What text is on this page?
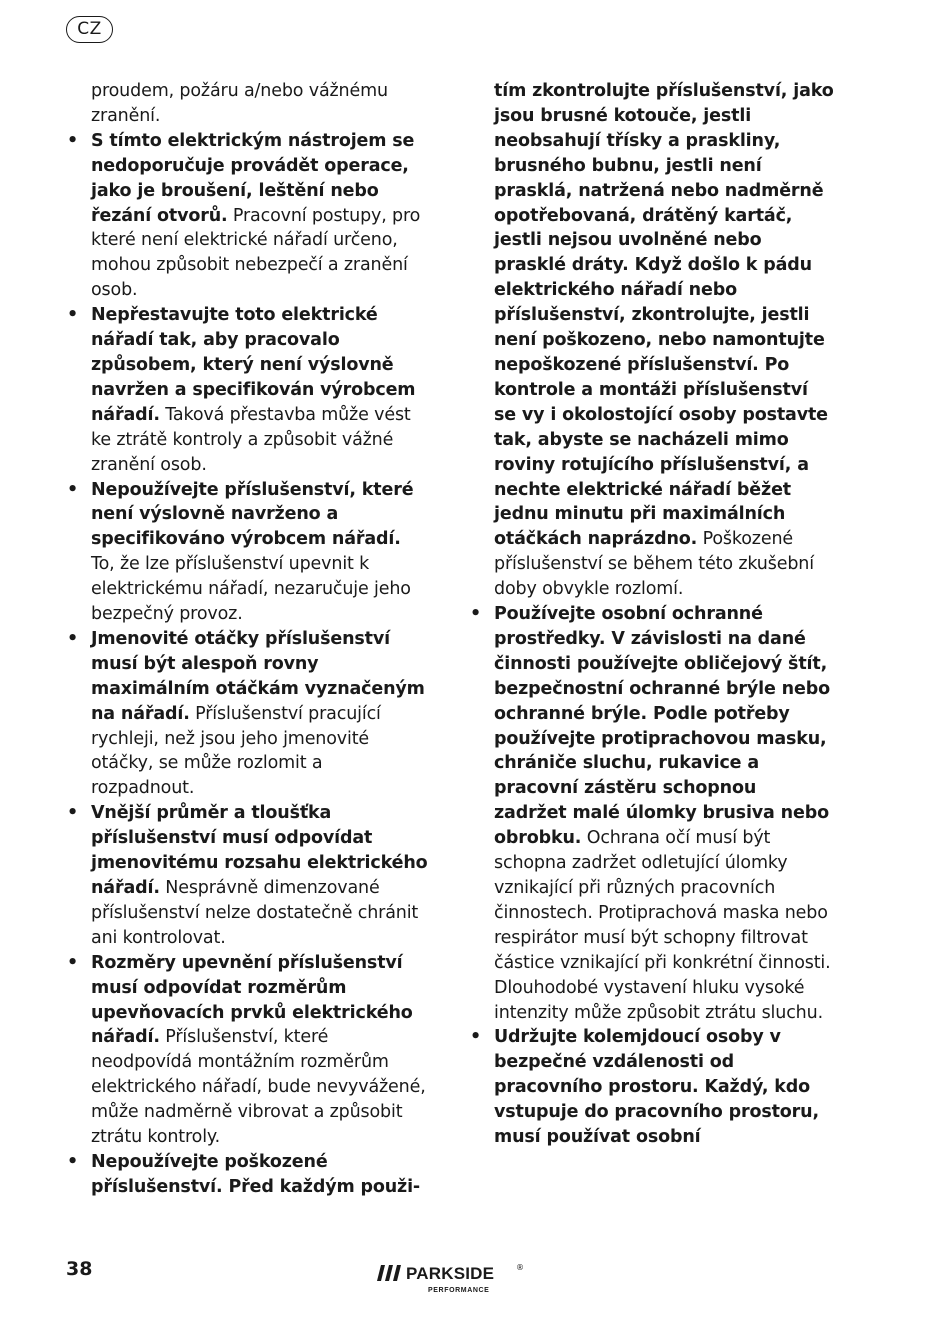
CZ

proudem, požáru a/nebo vážnému zranění.

• S tímto elektrickým nástrojem se nedoporučuje provádět operace, jako je broušení, leštění nebo řezání otvorů. Pracovní postupy, pro které není elektrické nářadí určeno, mohou způsobit nebezpečí a zranění osob.
• Nepřestavujte toto elektrické nářadí tak, aby pracovalo způsobem, který není výslovně navržen a specifikován výrobcem nářadí. Taková přestavba může vést ke ztrátě kontroly a způsobit vážné zranění osob.
• Nepoužívejte příslušenství, které není výslovně navrženo a specifikováno výrobcem nářadí. To, že lze příslušenství upevnit k elektrickému nářadí, nezaručuje jeho bezpečný provoz.
• Jmenovité otáčky příslušenství musí být alespoň rovny maximálním otáčkám vyznačeným na nářadí. Příslušenství pracující rychleji, než jsou jeho jmenovité otáčky, se může rozlomit a rozpadnout.
• Vnější průměr a tloušťka příslušenství musí odpovídat jmenovitému rozsahu elektrického nářadí. Nesprávně dimenzované příslušenství nelze dostatečně chránit ani kontrolovat.
• Rozměry upevnění příslušenství musí odpovídat rozměrům upevňovacích prvků elektrického nářadí. Příslušenství, které neodpovídá montážním rozměrům elektrického nářadí, bude nevyvážené, může nadměrně vibrovat a způsobit ztrátu kontroly.
• Nepoužívejte poškozené příslušenství. Před každým použi-

tím zkontrolujte příslušenství, jako jsou brusné kotouče, jestli neobsahují třísky a praskliny, brusného bubnu, jestli není prasklá, natržená nebo nadměrně opotřebovaná, drátěný kartáč, jestli nejsou uvolněné nebo prasklé dráty. Když došlo k pádu elektrického nářadí nebo příslušenství, zkontrolujte, jestli není poškozeno, nebo namontujte nepoškozené příslušenství. Po kontrole a montáži příslušenství se vy i okolostojící osoby postavte tak, abyste se nacházeli mimo roviny rotujícího příslušenství, a nechte elektrické nářadí běžet jednu minutu při maximálních otáčkách naprázdno. Poškozené příslušenství se během této zkušební doby obvykle rozlomí.

• Používejte osobní ochranné prostředky. V závislosti na dané činnosti používejte obličejový štít, bezpečnostní ochranné brýle nebo ochranné brýle. Podle potřeby používejte protiprachovou masku, chrániče sluchu, rukavice a pracovní zástěru schopnou zadržet malé úlomky brusiva nebo obrobku. Ochrana očí musí být schopna zadržet odletující úlomky vznikající při různých pracovních činnostech. Protiprachová maska nebo respirátor musí být schopny filtrovat částice vznikající při konkrétní činnosti. Dlouhodobé vystavení hluku vysoké intenzity může způsobit ztrátu sluchu.
• Udržujte kolemjdoucí osoby v bezpečné vzdálenosti od pracovního prostoru. Každý, kdo vstupuje do pracovního prostoru, musí používat osobní
38	PARKSIDE	®
PERFORMANCE
